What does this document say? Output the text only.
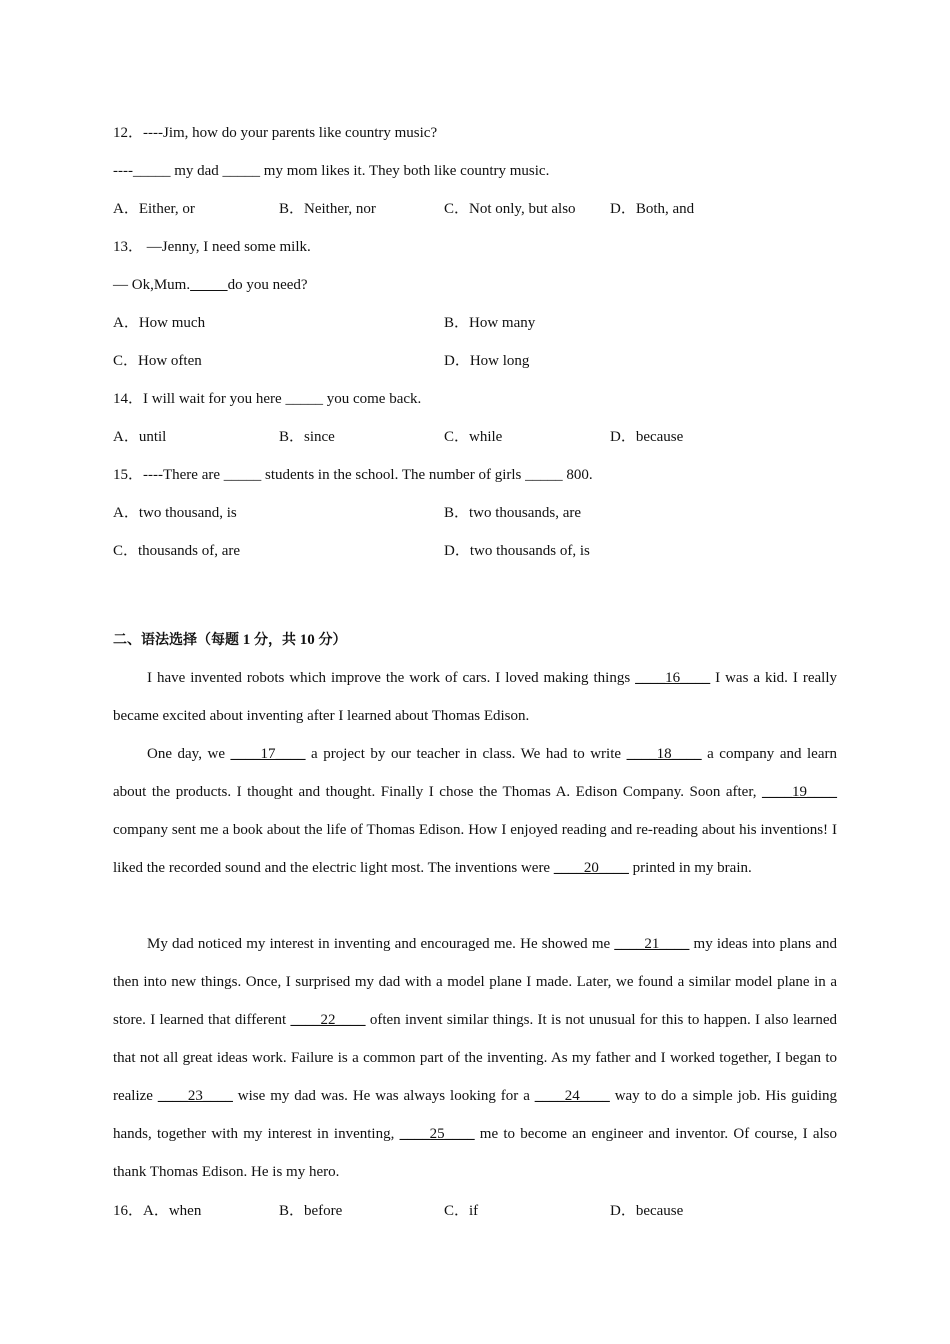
12．----Jim, how do your parents like country music?
----_____ my dad _____ my mom likes it. They both like country music.
A．Either, or	B．Neither, nor	C．Not only, but also D．Both, and
13． —Jenny, I need some milk.
— Ok,Mum.	do you need?
A．How much	B．How many
C．How often	D．How long
14．I will wait for you here _____ you come back.
A．until	B．since	C．while	D．because
15．----There are _____ students in the school. The number of girls _____ 800.
A．two thousand, is	B．two thousands, are
C．thousands of, are	D．two thousands of, is
二、语法选择（每题 1 分，共 10 分）
I have invented robots which improve the work of cars. I loved making things ____16____ I was a kid. I really became excited about inventing after I learned about Thomas Edison.
One day, we ____17____ a project by our teacher in class. We had to write ____18____ a company and learn about the products. I thought and thought. Finally I chose the Thomas A. Edison Company. Soon after, ____19____ company sent me a book about the life of Thomas Edison. How I enjoyed reading and re-reading about his inventions! I liked the recorded sound and the electric light most. The inventions were ____20____ printed in my brain.
My dad noticed my interest in inventing and encouraged me. He showed me ____21____ my ideas into plans and then into new things. Once, I surprised my dad with a model plane I made. Later, we found a similar model plane in a store. I learned that different ____22____ often invent similar things. It is not unusual for this to happen. I also learned that not all great ideas work. Failure is a common part of the inventing. As my father and I worked together, I began to realize ____23____ wise my dad was. He was always looking for a ____24____ way to do a simple job. His guiding hands, together with my interest in inventing, ____25____ me to become an engineer and inventor. Of course, I also thank Thomas Edison. He is my hero.
16．A．when	B．before	C．if	D．because
